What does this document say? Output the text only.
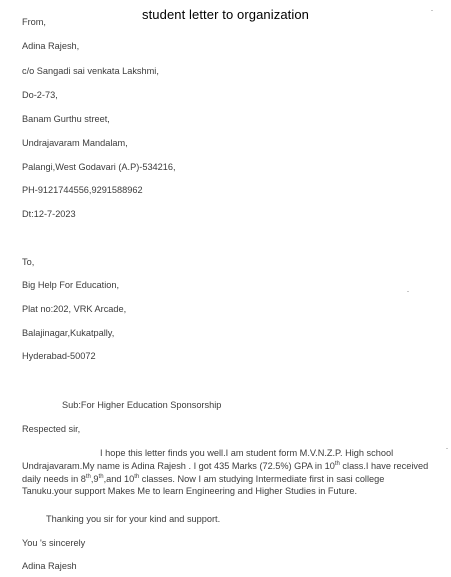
student letter to organization
From,
Adina Rajesh,
c/o Sangadi sai venkata Lakshmi,
Do-2-73,
Banam Gurthu street,
Undrajavaram Mandalam,
Palangi,West Godavari (A.P)-534216,
PH-9121744556,9291588962
Dt:12-7-2023
To,
Big Help For Education,
Plat no:202, VRK Arcade,
Balajinagar,Kukatpally,
Hyderabad-50072
Sub:For Higher Education Sponsorship
Respected sir,
I hope this letter finds you well.I am student form M.V.N.Z.P. High school
Undrajavaram.My name is Adina Rajesh . I got 435 Marks (72.5%) GPA in 10th class.I have received
daily needs in 8th,9th,and 10th classes. Now I am studying Intermediate first in sasi college
Tanuku.your support Makes Me to learn Engineering and Higher Studies in Future.
Thanking you sir for your kind and support.
You 's sincerely
Adina Rajesh
